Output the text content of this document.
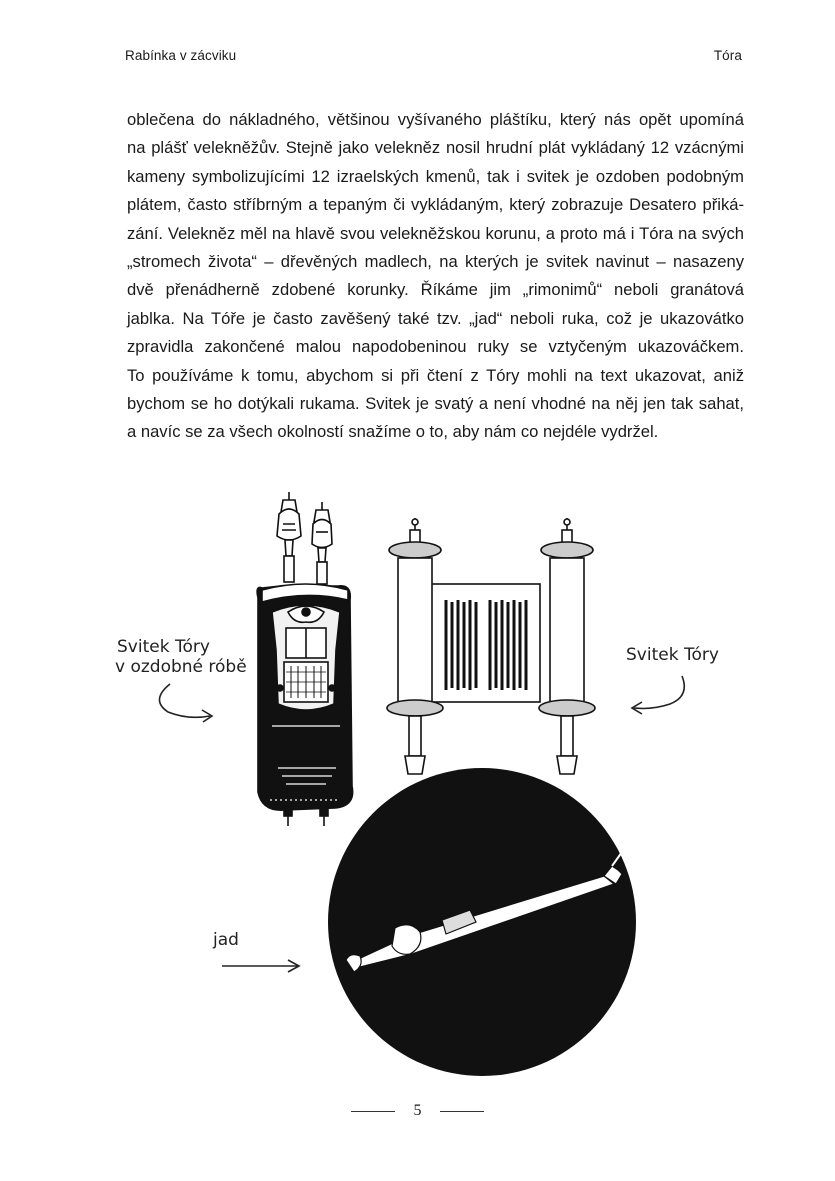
Rabínka v zácviku	Tóra

oblečena do nákladného, většinou vyšívaného pláštíku, který nás opět upomíná
na plášť velekněžův. Stejně jako velekněz nosil hrudní plát vykládaný 12 vzácnými
kameny symbolizujícími 12 izraelských kmenů, tak i svitek je ozdoben podobným
plátem, často stříbrným a tepaným či vykládaným, který zobrazuje Desatero přiká-
zání. Velekněz měl na hlavě svou velekněžskou korunu, a proto má i Tóra na svých
„stromech života“ – dřevěných madlech, na kterých je svitek navinut – nasazeny
dvě přenádherně zdobené korunky. Říkáme jim „rimonimů“ neboli granátová
jablka. Na Tóře je často zavěšený také tzv. „jad“ neboli ruka, což je ukazovátko
zpravidla zakončené malou napodobeninou ruky se vztyčeným ukazováčkem.
To používáme k tomu, abychom si při čtení z Tóry mohli na text ukazovat, aniž
bychom se ho dotýkali rukama. Svitek je svatý a není vhodné na něj jen tak sahat,
a navíc se za všech okolností snažíme o to, aby nám co nejdéle vydržel.

Svitek Tóry
v ozdobné róbě
Svitek Tóry
jad
5
